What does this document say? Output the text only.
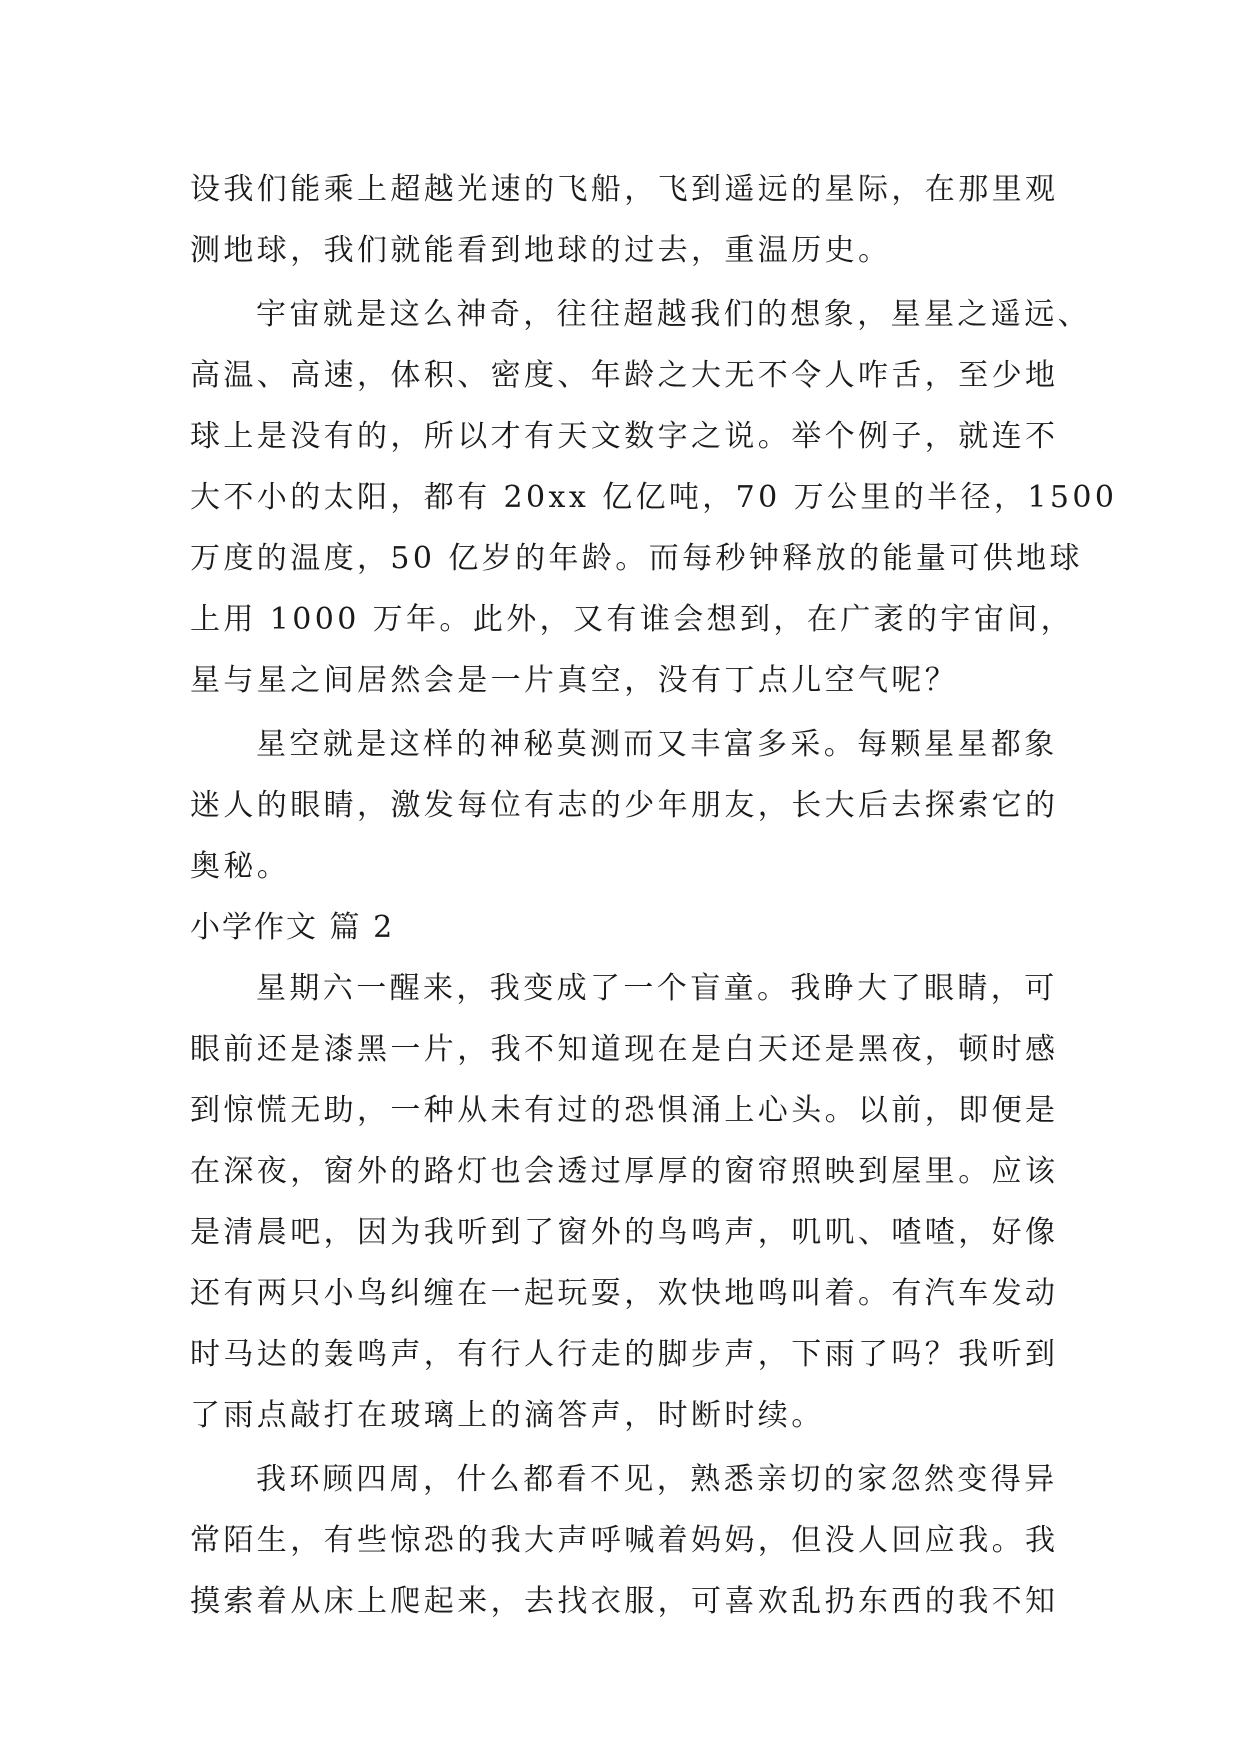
设我们能乘上超越光速的飞船，飞到遥远的星际，在那里观
测地球，我们就能看到地球的过去，重温历史。
宇宙就是这么神奇，往往超越我们的想象，星星之遥远、
高温、高速，体积、密度、年龄之大无不令人咋舌，至少地
球上是没有的，所以才有天文数字之说。举个例子，就连不
大不小的太阳，都有 20xx 亿亿吨，70 万公里的半径，1500
万度的温度，50 亿岁的年龄。而每秒钟释放的能量可供地球
上用 1000 万年。此外，又有谁会想到，在广袤的宇宙间，
星与星之间居然会是一片真空，没有丁点儿空气呢？
星空就是这样的神秘莫测而又丰富多采。每颗星星都象
迷人的眼睛，激发每位有志的少年朋友，长大后去探索它的
奥秘。
小学作文 篇 2
星期六一醒来，我变成了一个盲童。我睁大了眼睛，可
眼前还是漆黑一片，我不知道现在是白天还是黑夜，顿时感
到惊慌无助，一种从未有过的恐惧涌上心头。以前，即便是
在深夜，窗外的路灯也会透过厚厚的窗帘照映到屋里。应该
是清晨吧，因为我听到了窗外的鸟鸣声，叽叽、喳喳，好像
还有两只小鸟纠缠在一起玩耍，欢快地鸣叫着。有汽车发动
时马达的轰鸣声，有行人行走的脚步声，下雨了吗？我听到
了雨点敲打在玻璃上的滴答声，时断时续。
我环顾四周，什么都看不见，熟悉亲切的家忽然变得异
常陌生，有些惊恐的我大声呼喊着妈妈，但没人回应我。我
摸索着从床上爬起来，去找衣服，可喜欢乱扔东西的我不知
